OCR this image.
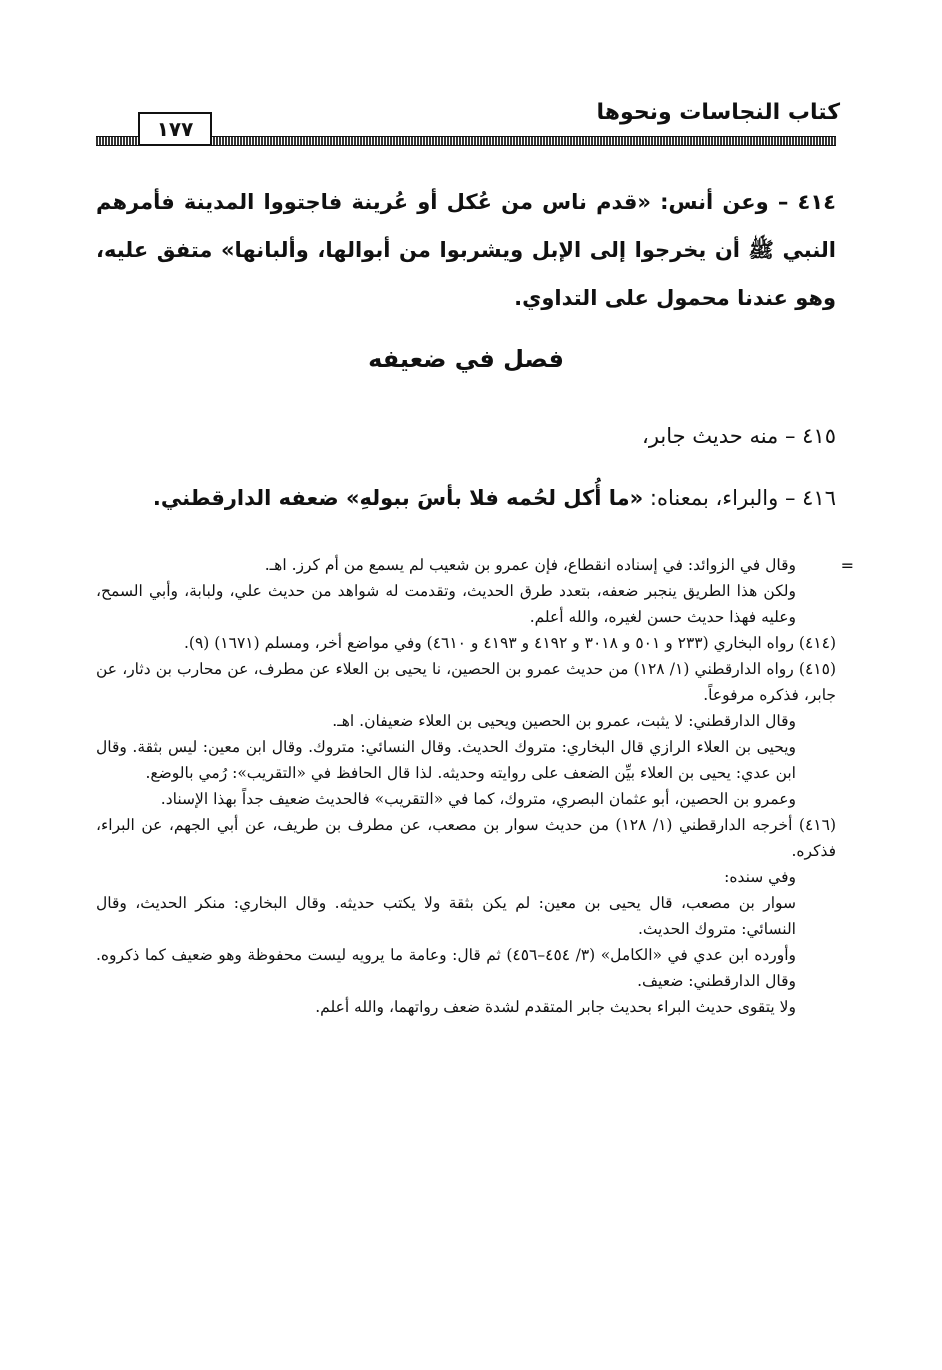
كتاب النجاسات ونحوها
١٧٧
٤١٤ – وعن أنس: «قدم ناس من عُكل أو عُرينة فاجتووا المدينة فأمرهم النبي ﷺ أن يخرجوا إلى الإبل ويشربوا من أبوالها، وألبانها» متفق عليه، وهو عندنا محمول على التداوي.
فصل في ضعيفه
٤١٥ – منه حديث جابر،
٤١٦ – والبراء، بمعناه: «ما أُكل لحُمه فلا بأسَ ببولهِ» ضعفه الدارقطني.
=
وقال في الزوائد: في إسناده انقطاع، فإن عمرو بن شعيب لم يسمع من أم كرز. اهـ.
ولكن هذا الطريق ينجبر ضعفه، بتعدد طرق الحديث، وتقدمت له شواهد من حديث علي، ولبابة، وأبي السمح، وعليه فهذا حديث حسن لغيره، والله أعلم.
(٤١٤) رواه البخاري (٢٣٣ و ٥٠١ و ٣٠١٨ و ٤١٩٢ و ٤١٩٣ و ٤٦١٠) وفي مواضع أخر، ومسلم (١٦٧١) (٩).
(٤١٥) رواه الدارقطني (١/ ١٢٨) من حديث عمرو بن الحصين، نا يحيى بن العلاء عن مطرف، عن محارب بن دثار، عن جابر، فذكره مرفوعاً.
وقال الدارقطني: لا يثبت، عمرو بن الحصين ويحيى بن العلاء ضعيفان. اهـ.
ويحيى بن العلاء الرازي قال البخاري: متروك الحديث. وقال النسائي: متروك. وقال ابن معين: ليس بثقة. وقال ابن عدي: يحيى بن العلاء بيِّن الضعف على روايته وحديثه. لذا قال الحافظ في «التقريب»: رُمي بالوضع.
وعمرو بن الحصين، أبو عثمان البصري، متروك، كما في «التقريب» فالحديث ضعيف جداً بهذا الإسناد.
(٤١٦) أخرجه الدارقطني (١/ ١٢٨) من حديث سوار بن مصعب، عن مطرف بن طريف، عن أبي الجهم، عن البراء، فذكره.
وفي سنده:
سوار بن مصعب، قال يحيى بن معين: لم يكن بثقة ولا يكتب حديثه. وقال البخاري: منكر الحديث، وقال النسائي: متروك الحديث.
وأورده ابن عدي في «الكامل» (٣/ ٤٥٤–٤٥٦) ثم قال: وعامة ما يرويه ليست محفوظة وهو ضعيف كما ذكروه. وقال الدارقطني: ضعيف.
ولا يتقوى حديث البراء بحديث جابر المتقدم لشدة ضعف رواتهما، والله أعلم.
